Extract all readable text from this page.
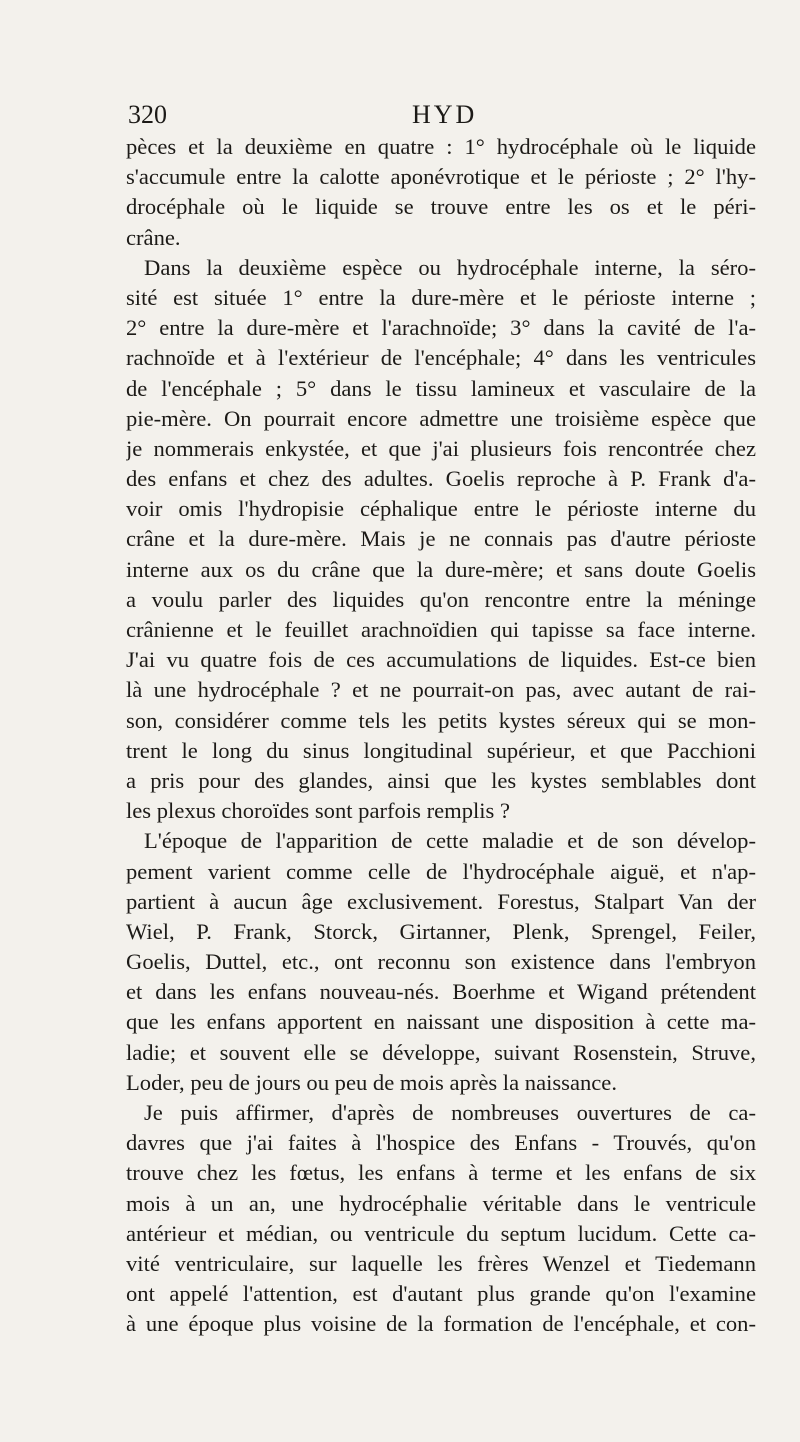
320	HYD
pèces et la deuxième en quatre : 1° hydrocéphale où le liquide
s'accumule entre la calotte aponévrotique et le périoste ; 2° l'hy-
drocéphale où le liquide se trouve entre les os et le péri-
crâne.
Dans la deuxième espèce ou hydrocéphale interne, la séro-
sité est située 1° entre la dure-mère et le périoste interne ;
2° entre la dure-mère et l'arachnoïde; 3° dans la cavité de l'a-
rachnoïde et à l'extérieur de l'encéphale; 4° dans les ventricules
de l'encéphale ; 5° dans le tissu lamineux et vasculaire de la
pie-mère. On pourrait encore admettre une troisième espèce que
je nommerais enkystée, et que j'ai plusieurs fois rencontrée chez
des enfans et chez des adultes. Goelis reproche à P. Frank d'a-
voir omis l'hydropisie céphalique entre le périoste interne du
crâne et la dure-mère. Mais je ne connais pas d'autre périoste
interne aux os du crâne que la dure-mère; et sans doute Goelis
a voulu parler des liquides qu'on rencontre entre la méninge
crânienne et le feuillet arachnoïdien qui tapisse sa face interne.
J'ai vu quatre fois de ces accumulations de liquides. Est-ce bien
là une hydrocéphale ? et ne pourrait-on pas, avec autant de rai-
son, considérer comme tels les petits kystes séreux qui se mon-
trent le long du sinus longitudinal supérieur, et que Pacchioni
a pris pour des glandes, ainsi que les kystes semblables dont
les plexus choroïdes sont parfois remplis ?
L'époque de l'apparition de cette maladie et de son dévelop-
pement varient comme celle de l'hydrocéphale aiguë, et n'ap-
partient à aucun âge exclusivement. Forestus, Stalpart Van der
Wiel, P. Frank, Storck, Girtanner, Plenk, Sprengel, Feiler,
Goelis, Duttel, etc., ont reconnu son existence dans l'embryon
et dans les enfans nouveau-nés. Boerhme et Wigand prétendent
que les enfans apportent en naissant une disposition à cette ma-
ladie; et souvent elle se développe, suivant Rosenstein, Struve,
Loder, peu de jours ou peu de mois après la naissance.
Je puis affirmer, d'après de nombreuses ouvertures de ca-
davres que j'ai faites à l'hospice des Enfans - Trouvés, qu'on
trouve chez les fœtus, les enfans à terme et les enfans de six
mois à un an, une hydrocéphalie véritable dans le ventricule
antérieur et médian, ou ventricule du septum lucidum. Cette ca-
vité ventriculaire, sur laquelle les frères Wenzel et Tiedemann
ont appelé l'attention, est d'autant plus grande qu'on l'examine
à une époque plus voisine de la formation de l'encéphale, et con-
